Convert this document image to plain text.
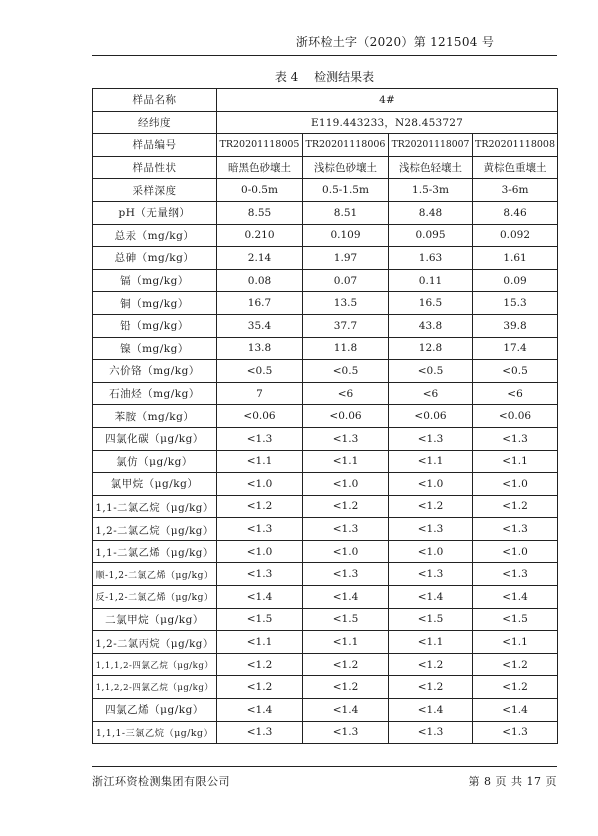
浙环检土字（2020）第 121504 号
表 4 检测结果表
样品名称	4#			
经纬度	E119.443233，N28.453727			
样品编号	TR20201118005	TR20201118006	TR20201118007	TR20201118008
样品性状	暗黑色砂壤土	浅棕色砂壤土	浅棕色轻壤土	黄棕色重壤土
采样深度	0-0.5m	0.5-1.5m	1.5-3m	3-6m
pH（无量纲）	8.55	8.51	8.48	8.46
总汞（mg/kg）	0.210	0.109	0.095	0.092
总砷（mg/kg）	2.14	1.97	1.63	1.61
镉（mg/kg）	0.08	0.07	0.11	0.09
铜（mg/kg）	16.7	13.5	16.5	15.3
铅（mg/kg）	35.4	37.7	43.8	39.8
镍（mg/kg）	13.8	11.8	12.8	17.4
六价铬（mg/kg）	<0.5	<0.5	<0.5	<0.5
石油烃（mg/kg）	7	<6	<6	<6
苯胺（mg/kg）	<0.06	<0.06	<0.06	<0.06
四氯化碳（μg/kg）	<1.3	<1.3	<1.3	<1.3
氯仿（μg/kg）	<1.1	<1.1	<1.1	<1.1
氯甲烷（μg/kg）	<1.0	<1.0	<1.0	<1.0
1,1-二氯乙烷（μg/kg）	<1.2	<1.2	<1.2	<1.2
1,2-二氯乙烷（μg/kg）	<1.3	<1.3	<1.3	<1.3
1,1-二氯乙烯（μg/kg）	<1.0	<1.0	<1.0	<1.0
顺-1,2-二氯乙烯（μg/kg）	<1.3	<1.3	<1.3	<1.3
反-1,2-二氯乙烯（μg/kg）	<1.4	<1.4	<1.4	<1.4
二氯甲烷（μg/kg）	<1.5	<1.5	<1.5	<1.5
1,2-二氯丙烷（μg/kg）	<1.1	<1.1	<1.1	<1.1
1,1,1,2-四氯乙烷（μg/kg）	<1.2	<1.2	<1.2	<1.2
1,1,2,2-四氯乙烷（μg/kg）	<1.2	<1.2	<1.2	<1.2
四氯乙烯（μg/kg）	<1.4	<1.4	<1.4	<1.4
1,1,1-三氯乙烷（μg/kg）	<1.3	<1.3	<1.3	<1.3
浙江环资检测集团有限公司	第 8 页 共 17 页
